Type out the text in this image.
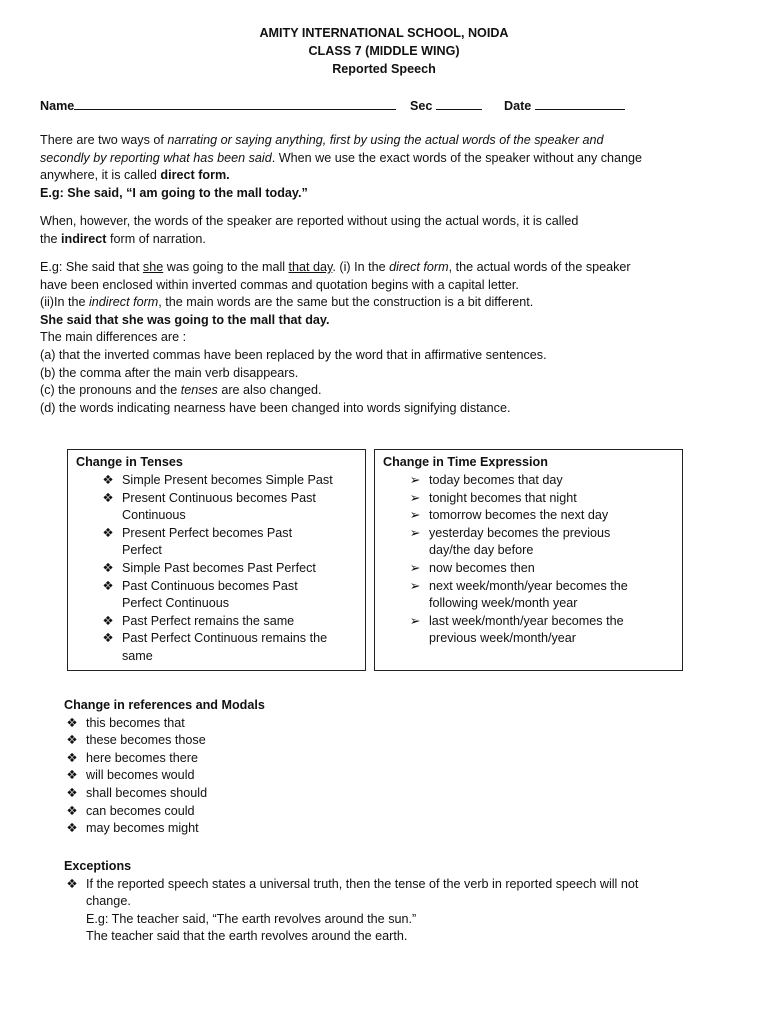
AMITY INTERNATIONAL SCHOOL, NOIDA
CLASS 7 (MIDDLE WING)
Reported Speech
Name	Sec	Date
There are two ways of narrating or saying anything, first by using the actual words of the speaker and
secondly by reporting what has been said. When we use the exact words of the speaker without any change
anywhere, it is called direct form.
E.g: She said, “I am going to the mall today.”
When, however, the words of the speaker are reported without using the actual words, it is called
the indirect form of narration.
E.g: She said that she was going to the mall that day. (i) In the direct form, the actual words of the speaker
have been enclosed within inverted commas and quotation begins with a capital letter.
(ii)In the indirect form, the main words are the same but the construction is a bit different.
She said that she was going to the mall that day.
The main differences are :
(a) that the inverted commas have been replaced by the word that in affirmative sentences.
(b) the comma after the main verb disappears.
(c) the pronouns and the tenses are also changed.
(d) the words indicating nearness have been changed into words signifying distance.
Change in Tenses
❖ Simple Present becomes Simple Past
❖ Present Continuous becomes Past
Continuous
❖ Present Perfect becomes Past
Perfect
❖ Simple Past becomes Past Perfect
❖ Past Continuous becomes Past
Perfect Continuous
❖ Past Perfect remains the same
❖ Past Perfect Continuous remains the
same
Change in Time Expression
➢ today becomes that day
➢ tonight becomes that night
➢ tomorrow becomes the next day
➢ yesterday becomes the previous
day/the day before
➢ now becomes then
➢ next week/month/year becomes the
following week/month year
➢ last week/month/year becomes the
previous week/month/year
Change in references and Modals
❖ this becomes that
❖ these becomes those
❖ here becomes there
❖ will becomes would
❖ shall becomes should
❖ can becomes could
❖ may becomes might
Exceptions
❖ If the reported speech states a universal truth, then the tense of the verb in reported speech will not
change.
E.g: The teacher said, “The earth revolves around the sun.”
The teacher said that the earth revolves around the earth.
